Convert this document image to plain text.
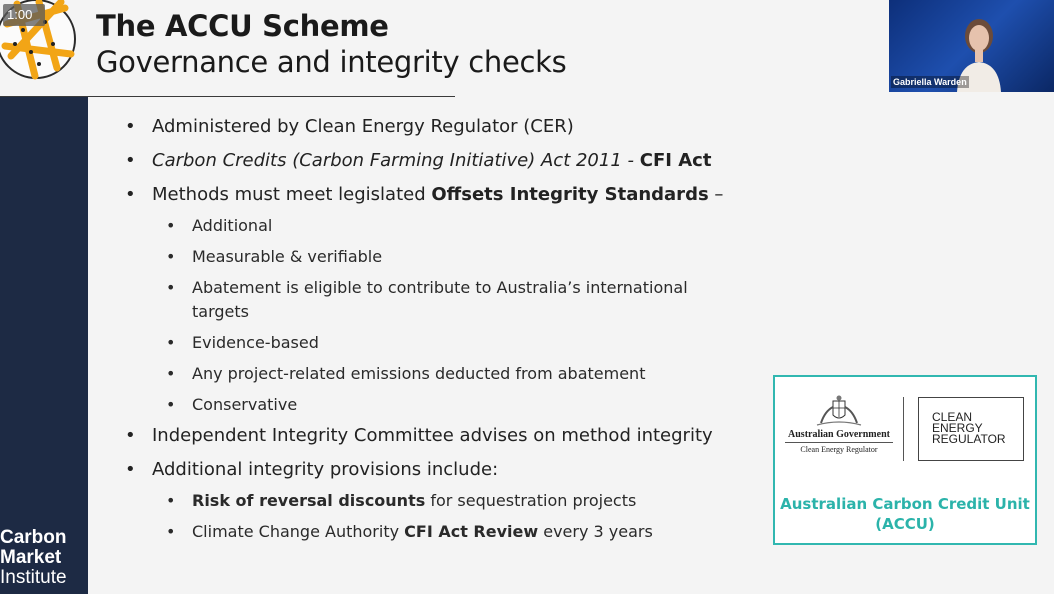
1:00	The ACCU Scheme
Governance and integrity checks
Carbon
Market
Institute
• Administered by Clean Energy Regulator (CER)
• Carbon Credits (Carbon Farming Initiative) Act 2011 - CFI Act
• Methods must meet legislated Offsets Integrity Standards –
• Additional
• Measurable & verifiable
• Abatement is eligible to contribute to Australia’s international targets
• Evidence-based
• Any project-related emissions deducted from abatement
• Conservative
• Independent Integrity Committee advises on method integrity
• Additional integrity provisions include:
• Risk of reversal discounts for sequestration projects
• Climate Change Authority CFI Act Review every 3 years
Gabriella Warden
Australian Government
Clean Energy Regulator
CLEAN
ENERGY
REGULATOR
Australian Carbon Credit Unit
(ACCU)
